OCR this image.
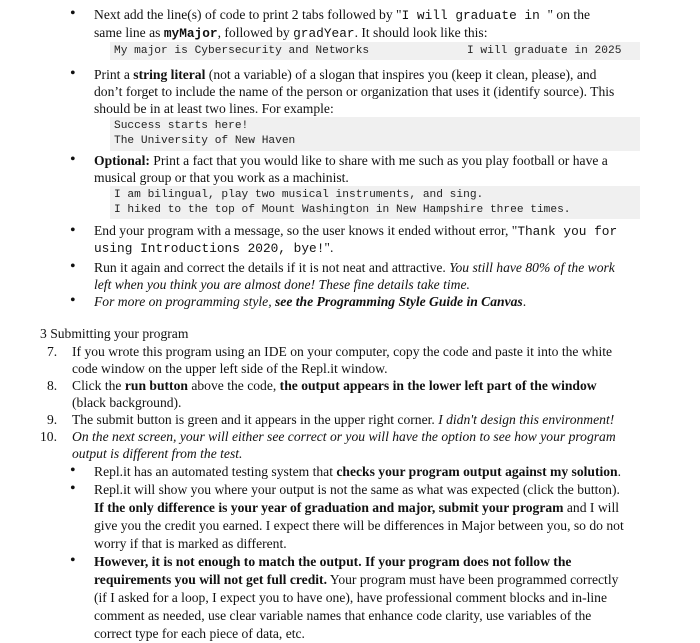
• Next add the line(s) of code to print 2 tabs followed by "I will graduate in " on the
same line as myMajor, followed by gradYear. It should look like this:
My major is Cybersecurity and Networks	I will graduate in 2025
• Print a string literal (not a variable) of a slogan that inspires you (keep it clean, please), and
don’t forget to include the name of the person or organization that uses it (identify source). This
should be in at least two lines. For example:
Success starts here!
The University of New Haven
• Optional: Print a fact that you would like to share with me such as you play football or have a
musical group or that you work as a machinist.
I am bilingual, play two musical instruments, and sing.
I hiked to the top of Mount Washington in New Hampshire three times.
• End your program with a message, so the user knows it ended without error, "Thank you for
using Introductions 2020, bye!".
• Run it again and correct the details if it is not neat and attractive. You still have 80% of the work
left when you think you are almost done! These fine details take time.
• For more on programming style, see the Programming Style Guide in Canvas.
3 Submitting your program
7. If you wrote this program using an IDE on your computer, copy the code and paste it into the white
code window on the upper left side of the Repl.it window.
8. Click the run button above the code, the output appears in the lower left part of the window
(black background).
9. The submit button is green and it appears in the upper right corner. I didn't design this environment!
10. On the next screen, your will either see correct or you will have the option to see how your program
output is different from the test.
• Repl.it has an automated testing system that checks your program output against my solution.
• Repl.it will show you where your output is not the same as what was expected (click the button).
If the only difference is your year of graduation and major, submit your program and I will
give you the credit you earned. I expect there will be differences in Major between you, so do not
worry if that is marked as different.
• However, it is not enough to match the output. If your program does not follow the
requirements you will not get full credit. Your program must have been programmed correctly
(if I asked for a loop, I expect you to have one), have professional comment blocks and in-line
comment as needed, use clear variable names that enhance code clarity, use variables of the
correct type for each piece of data, etc.
